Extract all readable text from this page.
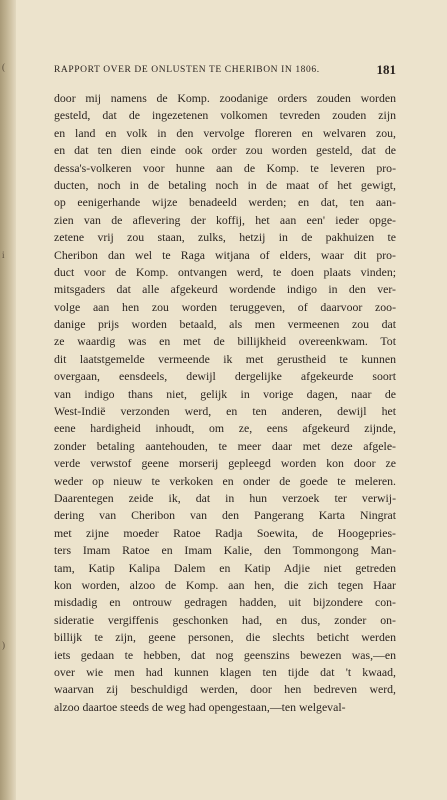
(
i
)
RAPPORT OVER DE ONLUSTEN TE CHERIBON IN 1806.	181
door mij namens de Komp. zoodanige orders zouden worden
gesteld, dat de ingezetenen volkomen tevreden zouden zijn
en land en volk in den vervolge floreren en welvaren zou,
en dat ten dien einde ook order zou worden gesteld, dat de
dessa's-volkeren voor hunne aan de Komp. te leveren pro-
ducten, noch in de betaling noch in de maat of het gewigt,
op eenigerhande wijze benadeeld werden; en dat, ten aan-
zien van de aflevering der koffij, het aan een' ieder opge-
zetene vrij zou staan, zulks, hetzij in de pakhuizen te
Cheribon dan wel te Raga witjana of elders, waar dit pro-
duct voor de Komp. ontvangen werd, te doen plaats vinden;
mitsgaders dat alle afgekeurd wordende indigo in den ver-
volge aan hen zou worden teruggeven, of daarvoor zoo-
danige prijs worden betaald, als men vermeenen zou dat
ze waardig was en met de billijkheid overeenkwam. Tot
dit laatstgemelde vermeende ik met gerustheid te kunnen
overgaan, eensdeels, dewijl dergelijke afgekeurde soort
van indigo thans niet, gelijk in vorige dagen, naar de
West-Indië verzonden werd, en ten anderen, dewijl het
eene hardigheid inhoudt, om ze, eens afgekeurd zijnde,
zonder betaling aantehouden, te meer daar met deze afgele-
verde verwstof geene morserij gepleegd worden kon door ze
weder op nieuw te verkoken en onder de goede te meleren.
Daarentegen zeide ik, dat in hun verzoek ter verwij-
dering van Cheribon van den Pangerang Karta Ningrat
met zijne moeder Ratoe Radja Soewita, de Hoogepries-
ters Imam Ratoe en Imam Kalie, den Tommongong Man-
tam, Katip Kalipa Dalem en Katip Adjie niet getreden
kon worden, alzoo de Komp. aan hen, die zich tegen Haar
misdadig en ontrouw gedragen hadden, uit bijzondere con-
sideratie vergiffenis geschonken had, en dus, zonder on-
billijk te zijn, geene personen, die slechts beticht werden
iets gedaan te hebben, dat nog geenszins bewezen was,—en
over wie men had kunnen klagen ten tijde dat 't kwaad,
waarvan zij beschuldigd werden, door hen bedreven werd,
alzoo daartoe steeds de weg had opengestaan,—ten welgeval-
